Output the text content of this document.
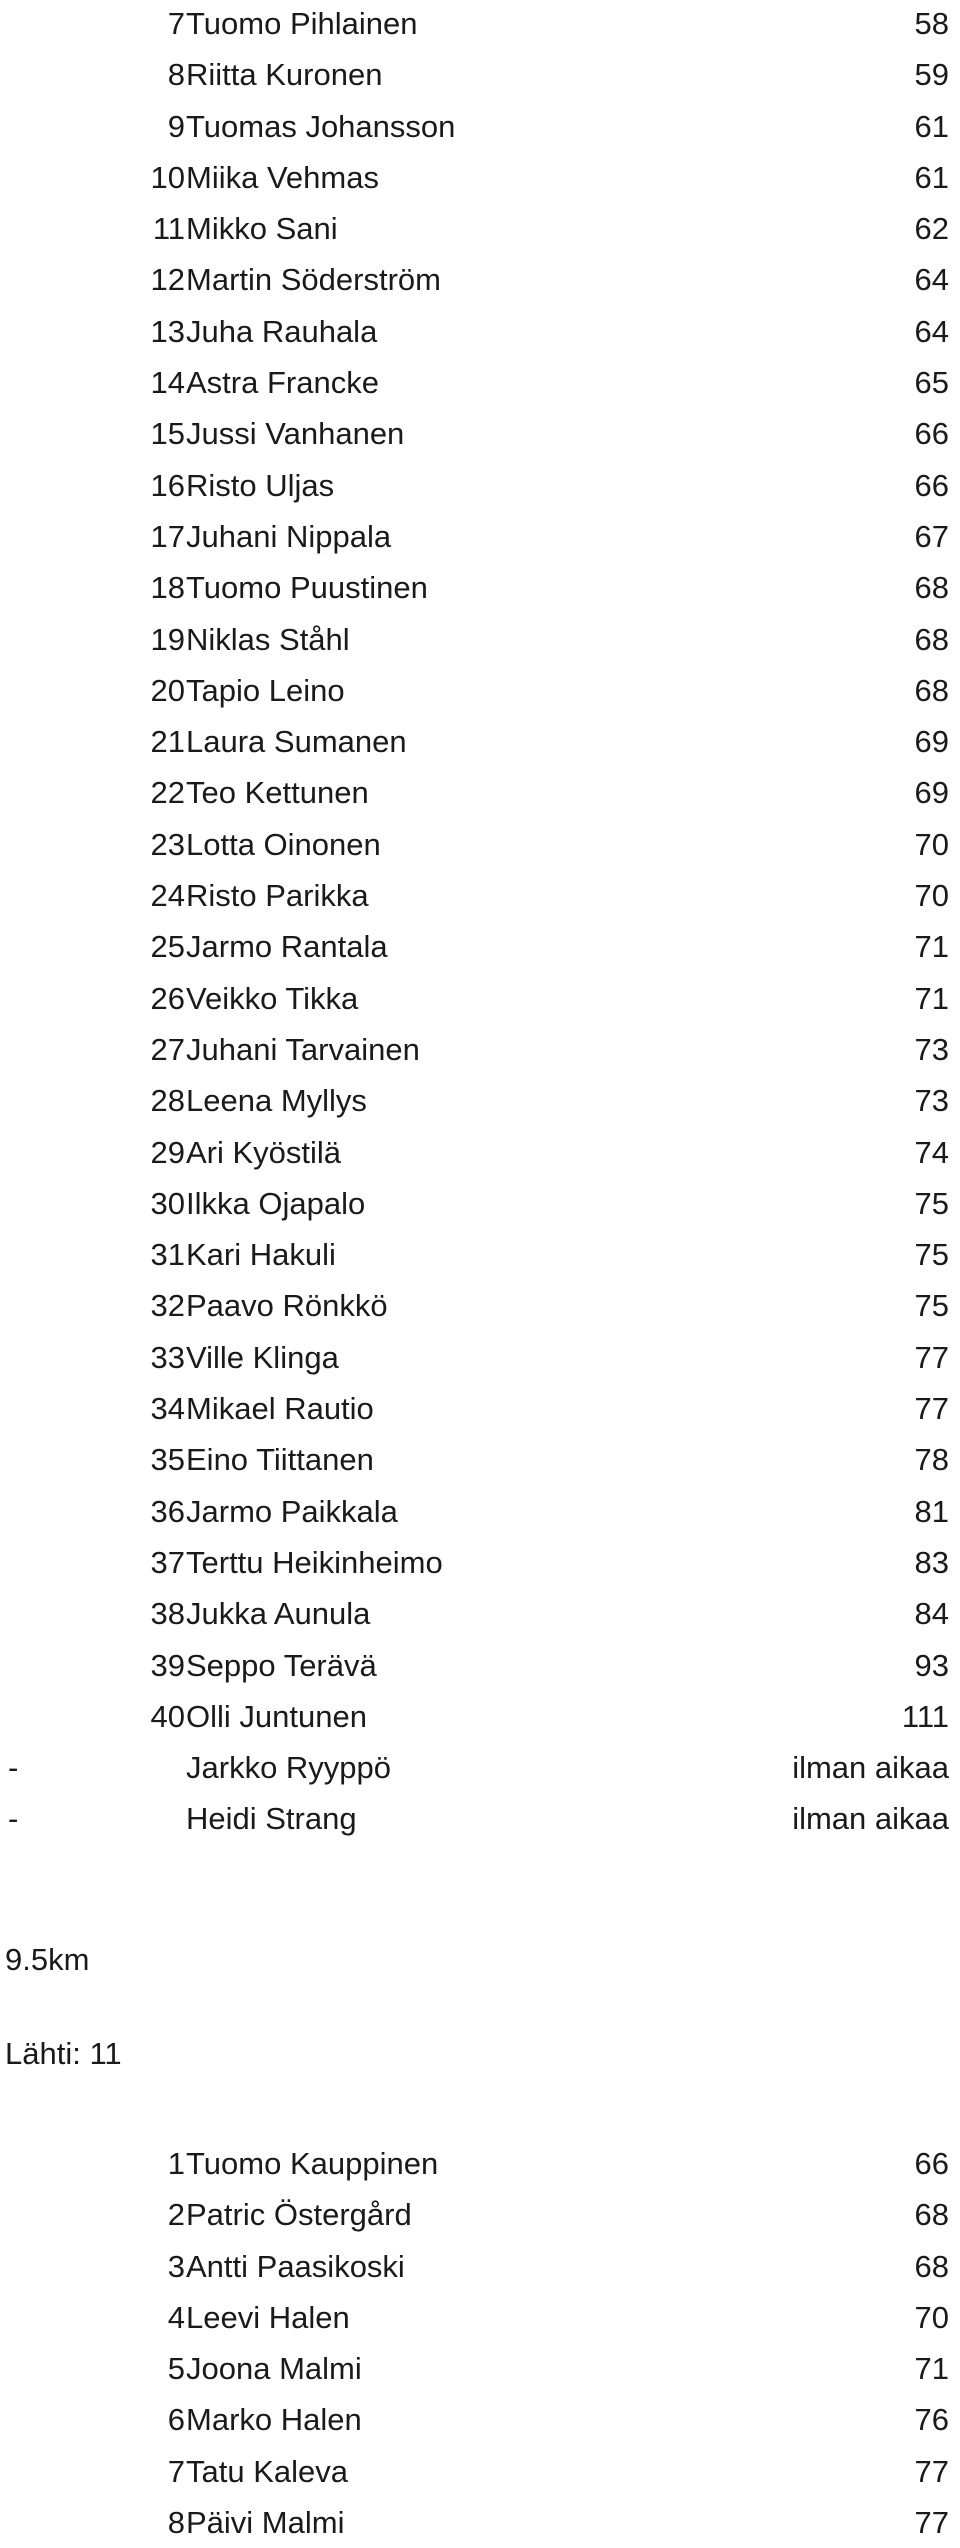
7 Tuomo Pihlainen	58
8 Riitta Kuronen	59
9 Tuomas Johansson	61
10 Miika Vehmas	61
11 Mikko Sani	62
12 Martin Söderström	64
13 Juha Rauhala	64
14 Astra Francke	65
15 Jussi Vanhanen	66
16 Risto Uljas	66
17 Juhani Nippala	67
18 Tuomo Puustinen	68
19 Niklas Ståhl	68
20 Tapio Leino	68
21 Laura Sumanen	69
22 Teo Kettunen	69
23 Lotta Oinonen	70
24 Risto Parikka	70
25 Jarmo Rantala	71
26 Veikko Tikka	71
27 Juhani Tarvainen	73
28 Leena Myllys	73
29 Ari Kyöstilä	74
30 Ilkka Ojapalo	75
31 Kari Hakuli	75
32 Paavo Rönkkö	75
33 Ville Klinga	77
34 Mikael Rautio	77
35 Eino Tiittanen	78
36 Jarmo Paikkala	81
37 Terttu Heikinheimo	83
38 Jukka Aunula	84
39 Seppo Terävä	93
40 Olli Juntunen	111
-	Jarkko Ryyppö	ilman aikaa
-	Heidi Strang	ilman aikaa
9.5km
Lähti: 11
1 Tuomo Kauppinen	66
2 Patric Östergård	68
3 Antti Paasikoski	68
4 Leevi Halen	70
5 Joona Malmi	71
6 Marko Halen	76
7 Tatu Kaleva	77
8 Päivi Malmi	77
